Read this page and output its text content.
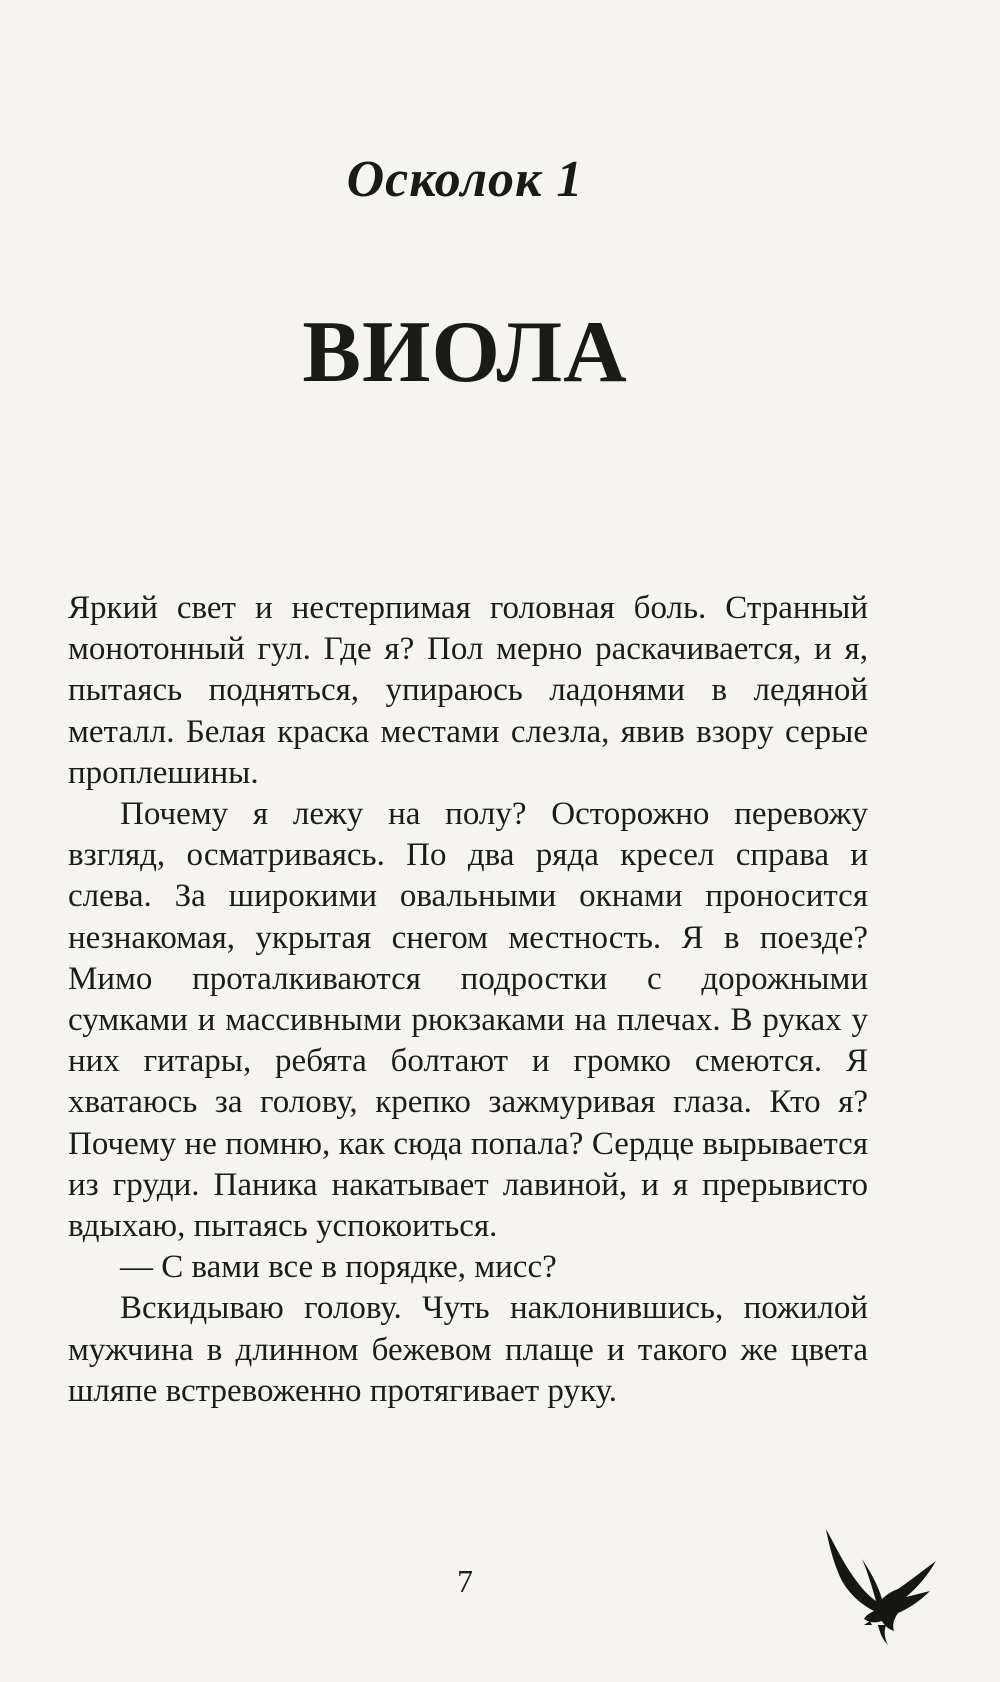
Осколок 1
ВИОЛА

Яркий свет и нестерпимая головная боль. Странный монотонный гул. Где я? Пол мерно раскачивается, и я, пытаясь подняться, упираюсь ладонями в ледяной металл. Белая краска местами слезла, явив взору серые проплешины.

Почему я лежу на полу? Осторожно перевожу взгляд, осматриваясь. По два ряда кресел справа и слева. За широкими овальными окнами проносится незнакомая, укрытая снегом местность. Я в поезде? Мимо проталкиваются подростки с дорожными сумками и массивными рюкзаками на плечах. В руках у них гитары, ребята болтают и громко смеются. Я хватаюсь за голову, крепко зажмуривая глаза. Кто я? Почему не помню, как сюда попала? Сердце вырывается из груди. Паника накатывает лавиной, и я прерывисто вдыхаю, пытаясь успокоиться.

— С вами все в порядке, мисс?

Вскидываю голову. Чуть наклонившись, пожилой мужчина в длинном бежевом плаще и такого же цвета шляпе встревоженно протягивает руку.

7
